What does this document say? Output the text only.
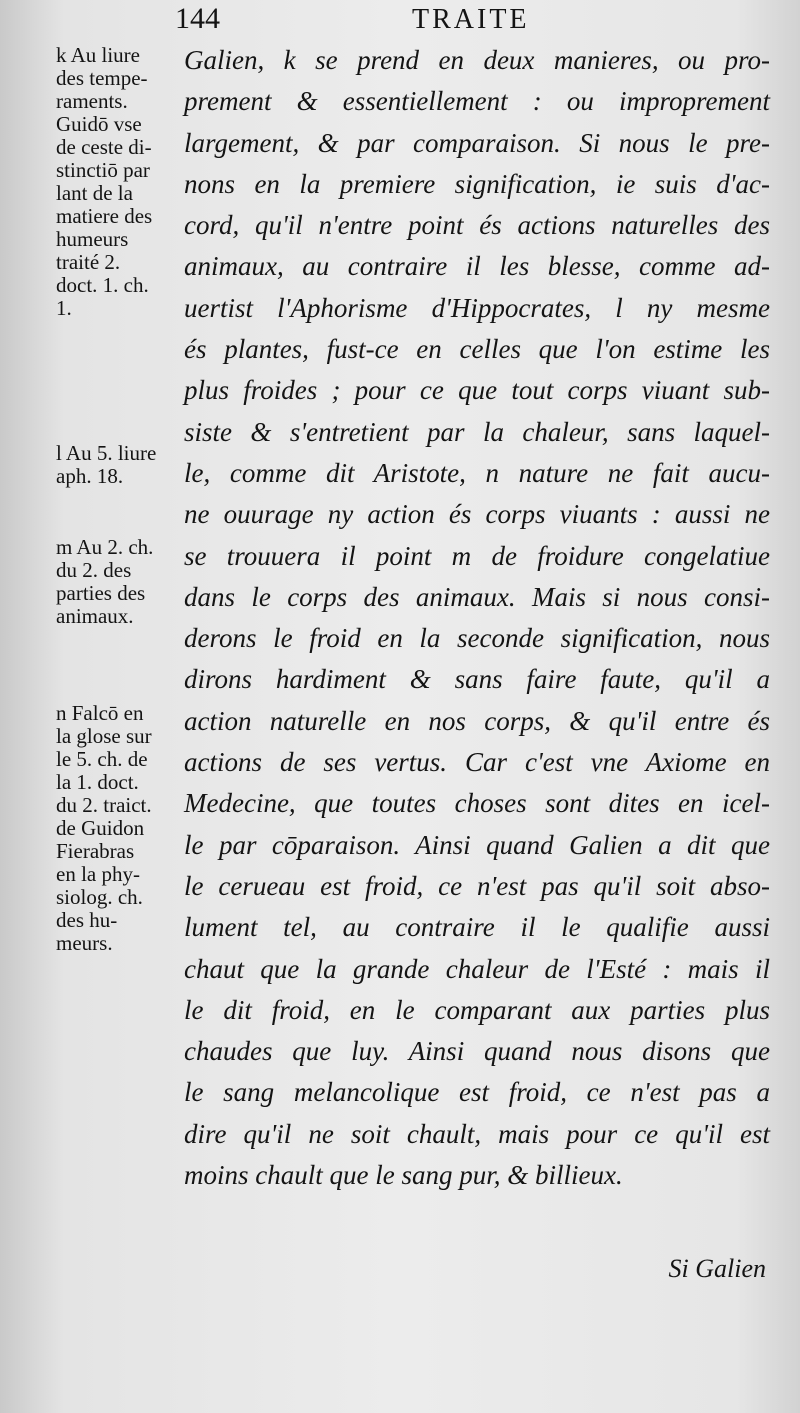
144	TRAITE
k Au liure
des tempe-
raments.
Guidō vse
de ceste di-
stinctiō par
lant de la
matiere des
humeurs
traité 2.
doct. 1. ch.
1.
l Au 5. liure
aph. 18.
m Au 2. ch.
du 2. des
parties des
animaux.
n Falcō en
la glose sur
le 5. ch. de
la 1. doct.
du 2. traict.
de Guidon
Fierabras
en la phy-
siolog. ch.
des hu-
meurs.
Galien, k se prend en deux manieres, ou pro-
prement & essentiellement : ou improprement
largement, & par comparaison. Si nous le pre-
nons en la premiere signification, ie suis d'ac-
cord, qu'il n'entre point és actions naturelles des
animaux, au contraire il les blesse, comme ad-
uertist l'Aphorisme d'Hippocrates, l ny mesme
és plantes, fust-ce en celles que l'on estime les
plus froides ; pour ce que tout corps viuant sub-
siste & s'entretient par la chaleur, sans laquel-
le, comme dit Aristote, n nature ne fait aucu-
ne ouurage ny action és corps viuants : aussi ne
se trouuera il point m de froidure congelatiue
dans le corps des animaux. Mais si nous consi-
derons le froid en la seconde signification, nous
dirons hardiment & sans faire faute, qu'il a
action naturelle en nos corps, & qu'il entre és
actions de ses vertus. Car c'est vne Axiome en
Medecine, que toutes choses sont dites en icel-
le par cōparaison. Ainsi quand Galien a dit que
le cerueau est froid, ce n'est pas qu'il soit abso-
lument tel, au contraire il le qualifie aussi
chaut que la grande chaleur de l'Esté : mais il
le dit froid, en le comparant aux parties plus
chaudes que luy. Ainsi quand nous disons que
le sang melancolique est froid, ce n'est pas a
dire qu'il ne soit chault, mais pour ce qu'il est
moins chault que le sang pur, & billieux.
Si Galien
